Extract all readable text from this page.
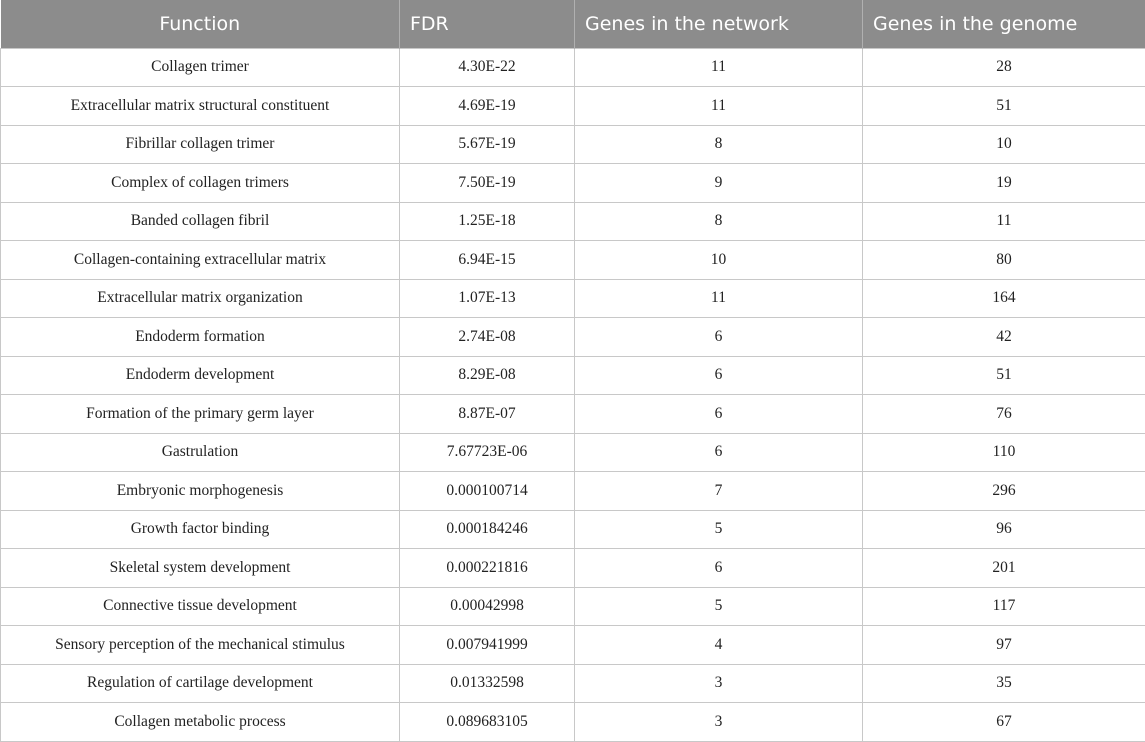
Function	FDR	Genes in the network	Genes in the genome
Collagen trimer	4.30E-22	11	28
Extracellular matrix structural constituent	4.69E-19	11	51
Fibrillar collagen trimer	5.67E-19	8	10
Complex of collagen trimers	7.50E-19	9	19
Banded collagen fibril	1.25E-18	8	11
Collagen-containing extracellular matrix	6.94E-15	10	80
Extracellular matrix organization	1.07E-13	11	164
Endoderm formation	2.74E-08	6	42
Endoderm development	8.29E-08	6	51
Formation of the primary germ layer	8.87E-07	6	76
Gastrulation	7.67723E-06	6	110
Embryonic morphogenesis	0.000100714	7	296
Growth factor binding	0.000184246	5	96
Skeletal system development	0.000221816	6	201
Connective tissue development	0.00042998	5	117
Sensory perception of the mechanical stimulus	0.007941999	4	97
Regulation of cartilage development	0.01332598	3	35
Collagen metabolic process	0.089683105	3	67
